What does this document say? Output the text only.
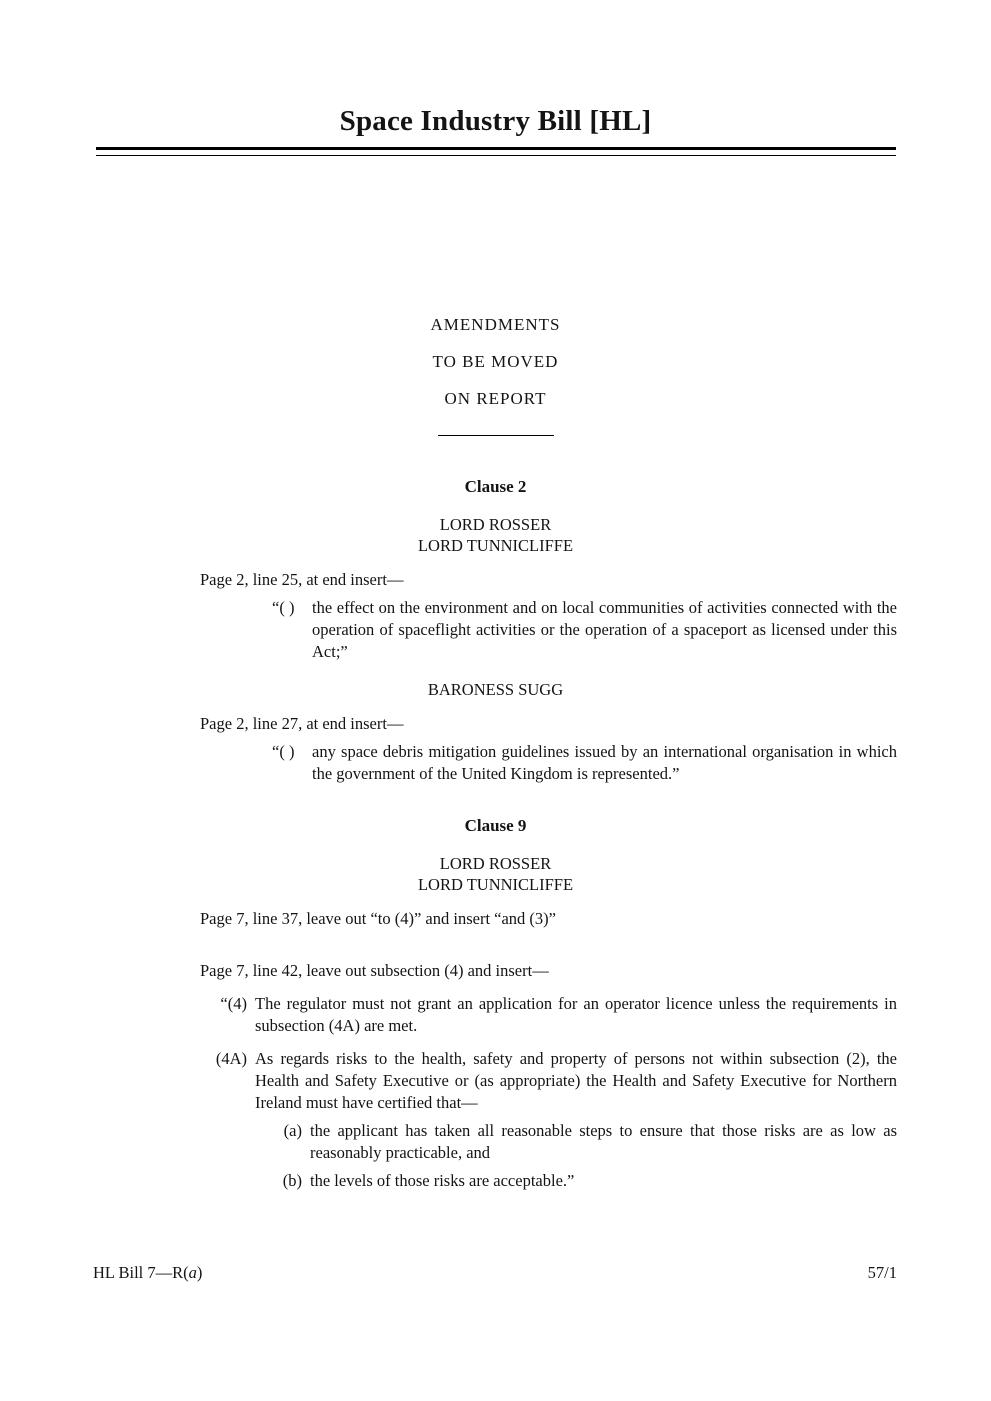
Space Industry Bill [HL]
AMENDMENTS
TO BE MOVED
ON REPORT
Clause 2
LORD ROSSER
LORD TUNNICLIFFE

Page 2, line 25, at end insert—

“( ) the effect on the environment and on local communities of activities connected with the operation of spaceflight activities or the operation of a spaceport as licensed under this Act;”

BARONESS SUGG

Page 2, line 27, at end insert—

“( ) any space debris mitigation guidelines issued by an international organisation in which the government of the United Kingdom is represented.”

Clause 9
LORD ROSSER
LORD TUNNICLIFFE

Page 7, line 37, leave out “to (4)” and insert “and (3)”

Page 7, line 42, leave out subsection (4) and insert—

“(4) The regulator must not grant an application for an operator licence unless the requirements in subsection (4A) are met.

(4A) As regards risks to the health, safety and property of persons not within subsection (2), the Health and Safety Executive or (as appropriate) the Health and Safety Executive for Northern Ireland must have certified that—

(a) the applicant has taken all reasonable steps to ensure that those risks are as low as reasonably practicable, and

(b) the levels of those risks are acceptable.”

HL Bill 7—R(a)	57/1
